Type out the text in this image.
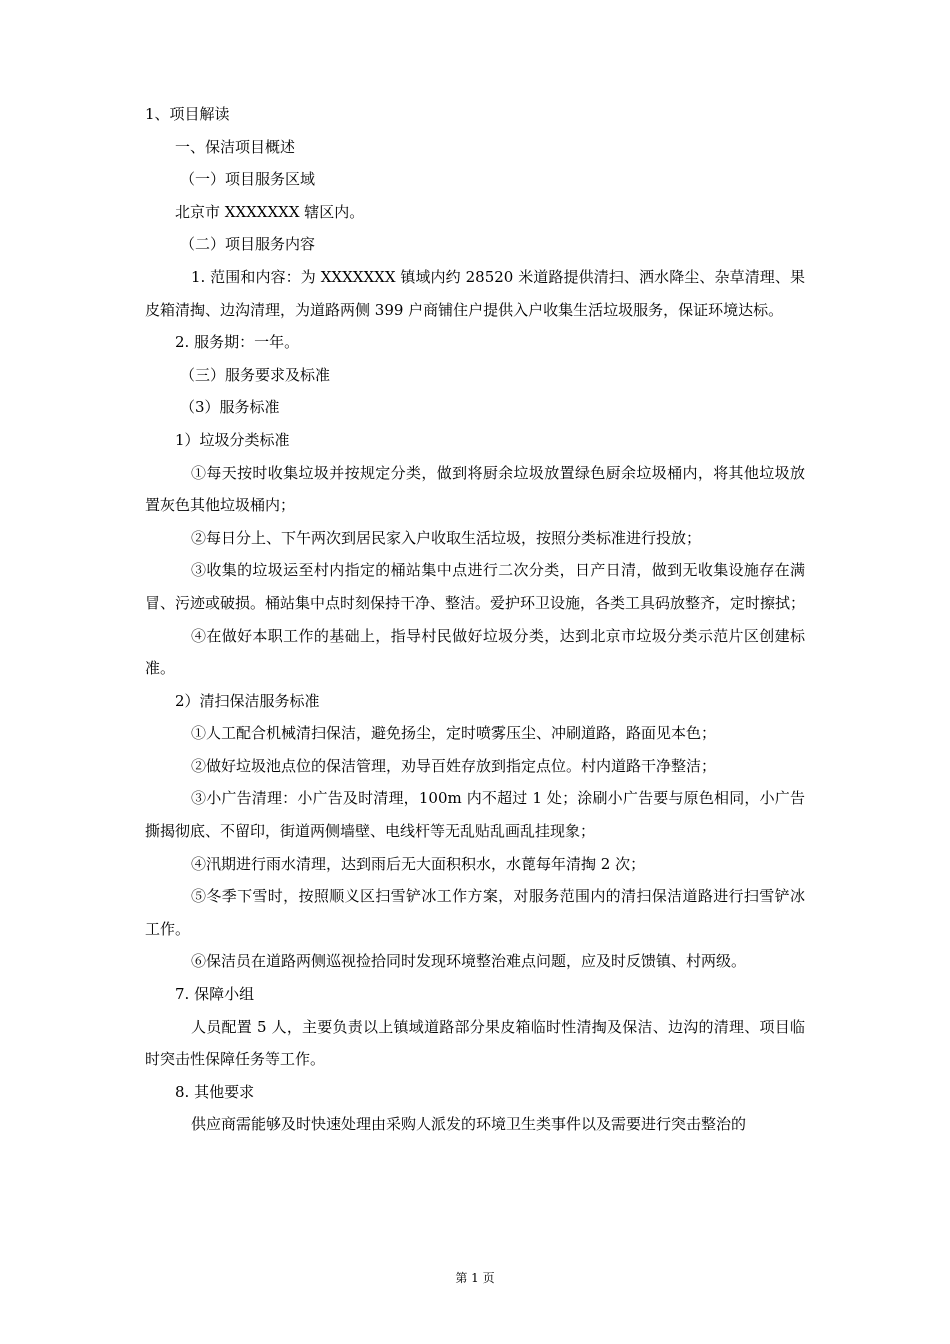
1、项目解读

一、保洁项目概述

（一）项目服务区域

北京市 XXXXXXX 辖区内。

（二）项目服务内容

1. 范围和内容：为 XXXXXXX 镇域内约 28520 米道路提供清扫、洒水降尘、杂草清理、果皮箱清掏、边沟清理，为道路两侧 399 户商铺住户提供入户收集生活垃圾服务，保证环境达标。

2. 服务期：一年。

（三）服务要求及标准

（3）服务标准

1）垃圾分类标准

①每天按时收集垃圾并按规定分类，做到将厨余垃圾放置绿色厨余垃圾桶内，将其他垃圾放置灰色其他垃圾桶内；

②每日分上、下午两次到居民家入户收取生活垃圾，按照分类标准进行投放；

③收集的垃圾运至村内指定的桶站集中点进行二次分类，日产日清，做到无收集设施存在满冒、污迹或破损。桶站集中点时刻保持干净、整洁。爱护环卫设施，各类工具码放整齐，定时擦拭；

④在做好本职工作的基础上，指导村民做好垃圾分类，达到北京市垃圾分类示范片区创建标准。

2）清扫保洁服务标准

①人工配合机械清扫保洁，避免扬尘，定时喷雾压尘、冲刷道路，路面见本色；

②做好垃圾池点位的保洁管理，劝导百姓存放到指定点位。村内道路干净整洁；

③小广告清理：小广告及时清理，100m 内不超过 1 处；涂刷小广告要与原色相同，小广告撕揭彻底、不留印，街道两侧墙壁、电线杆等无乱贴乱画乱挂现象；

④汛期进行雨水清理，达到雨后无大面积积水，水蓖每年清掏 2 次；

⑤冬季下雪时，按照顺义区扫雪铲冰工作方案，对服务范围内的清扫保洁道路进行扫雪铲冰工作。

⑥保洁员在道路两侧巡视捡拾同时发现环境整治难点问题，应及时反馈镇、村两级。

7. 保障小组

人员配置 5 人，主要负责以上镇域道路部分果皮箱临时性清掏及保洁、边沟的清理、项目临时突击性保障任务等工作。

8. 其他要求

供应商需能够及时快速处理由采购人派发的环境卫生类事件以及需要进行突击整治的

第 1 页
